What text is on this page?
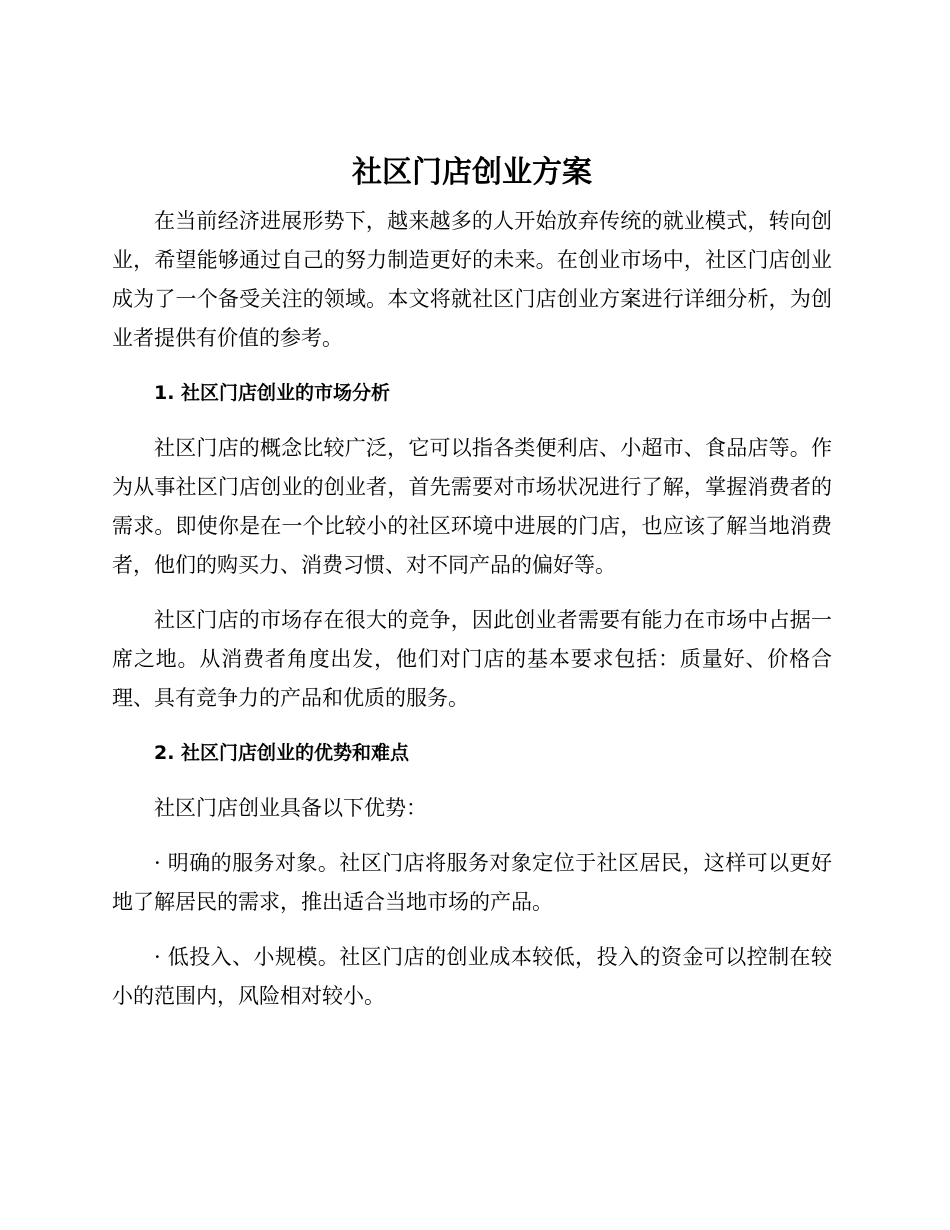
社区门店创业方案

在当前经济进展形势下，越来越多的人开始放弃传统的就业模式，转向创业，希望能够通过自己的努力制造更好的未来。在创业市场中，社区门店创业成为了一个备受关注的领域。本文将就社区门店创业方案进行详细分析，为创业者提供有价值的参考。

1. 社区门店创业的市场分析

社区门店的概念比较广泛，它可以指各类便利店、小超市、食品店等。作为从事社区门店创业的创业者，首先需要对市场状况进行了解，掌握消费者的需求。即使你是在一个比较小的社区环境中进展的门店，也应该了解当地消费者，他们的购买力、消费习惯、对不同产品的偏好等。

社区门店的市场存在很大的竞争，因此创业者需要有能力在市场中占据一席之地。从消费者角度出发，他们对门店的基本要求包括：质量好、价格合理、具有竞争力的产品和优质的服务。

2. 社区门店创业的优势和难点

社区门店创业具备以下优势：

· 明确的服务对象。社区门店将服务对象定位于社区居民，这样可以更好地了解居民的需求，推出适合当地市场的产品。

· 低投入、小规模。社区门店的创业成本较低，投入的资金可以控制在较小的范围内，风险相对较小。
